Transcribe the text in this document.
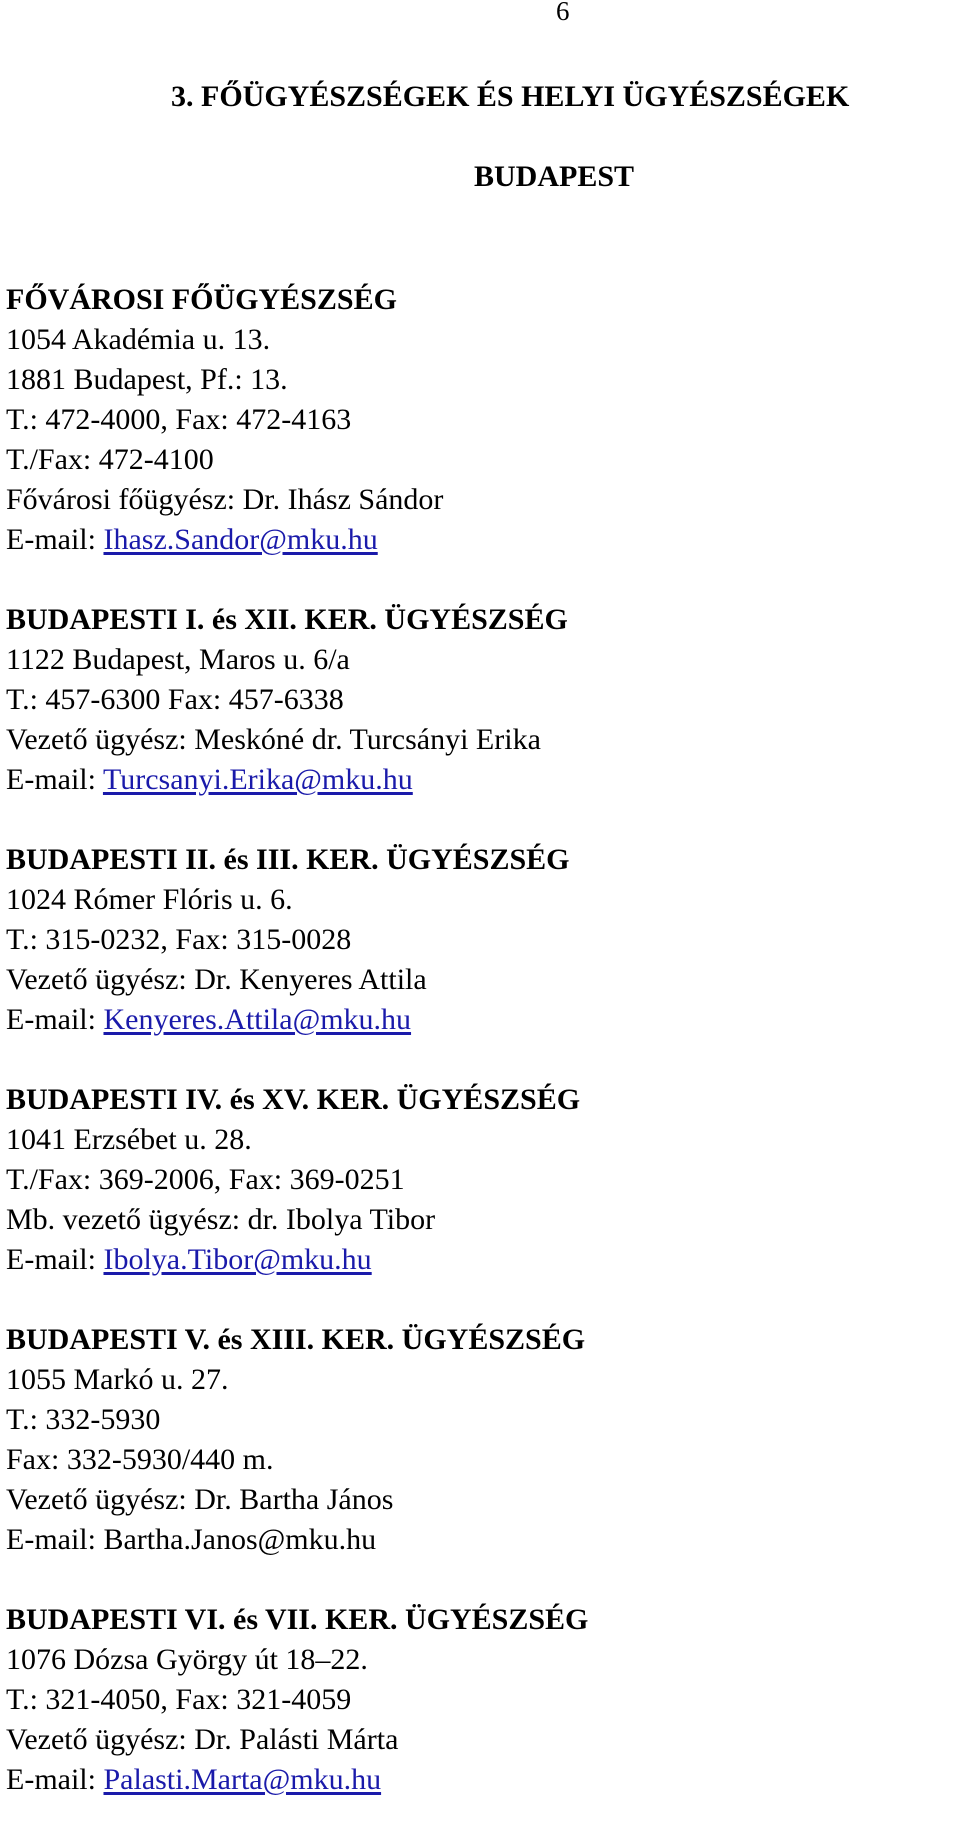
6
3. FŐÜGYÉSZSÉGEK ÉS HELYI ÜGYÉSZSÉGEK
BUDAPEST
FŐVÁROSI FŐÜGYÉSZSÉG
1054 Akadémia u. 13.
1881 Budapest, Pf.: 13.
T.: 472-4000, Fax: 472-4163
T./Fax: 472-4100
Fővárosi főügyész: Dr. Ihász Sándor
E-mail: Ihasz.Sandor@mku.hu
BUDAPESTI I. és XII. KER. ÜGYÉSZSÉG
1122 Budapest, Maros u. 6/a
T.: 457-6300 Fax: 457-6338
Vezető ügyész: Meskóné dr. Turcsányi Erika
E-mail: Turcsanyi.Erika@mku.hu
BUDAPESTI II. és III. KER. ÜGYÉSZSÉG
1024 Rómer Flóris u. 6.
T.: 315-0232, Fax: 315-0028
Vezető ügyész: Dr. Kenyeres Attila
E-mail: Kenyeres.Attila@mku.hu
BUDAPESTI IV. és XV. KER. ÜGYÉSZSÉG
1041 Erzsébet u. 28.
T./Fax: 369-2006, Fax: 369-0251
Mb. vezető ügyész: dr. Ibolya Tibor
E-mail: Ibolya.Tibor@mku.hu
BUDAPESTI V. és XIII. KER. ÜGYÉSZSÉG
1055 Markó u. 27.
T.: 332-5930
Fax: 332-5930/440 m.
Vezető ügyész: Dr. Bartha János
E-mail: Bartha.Janos@mku.hu
BUDAPESTI VI. és VII. KER. ÜGYÉSZSÉG
1076 Dózsa György út 18–22.
T.: 321-4050, Fax: 321-4059
Vezető ügyész: Dr. Palásti Márta
E-mail: Palasti.Marta@mku.hu
